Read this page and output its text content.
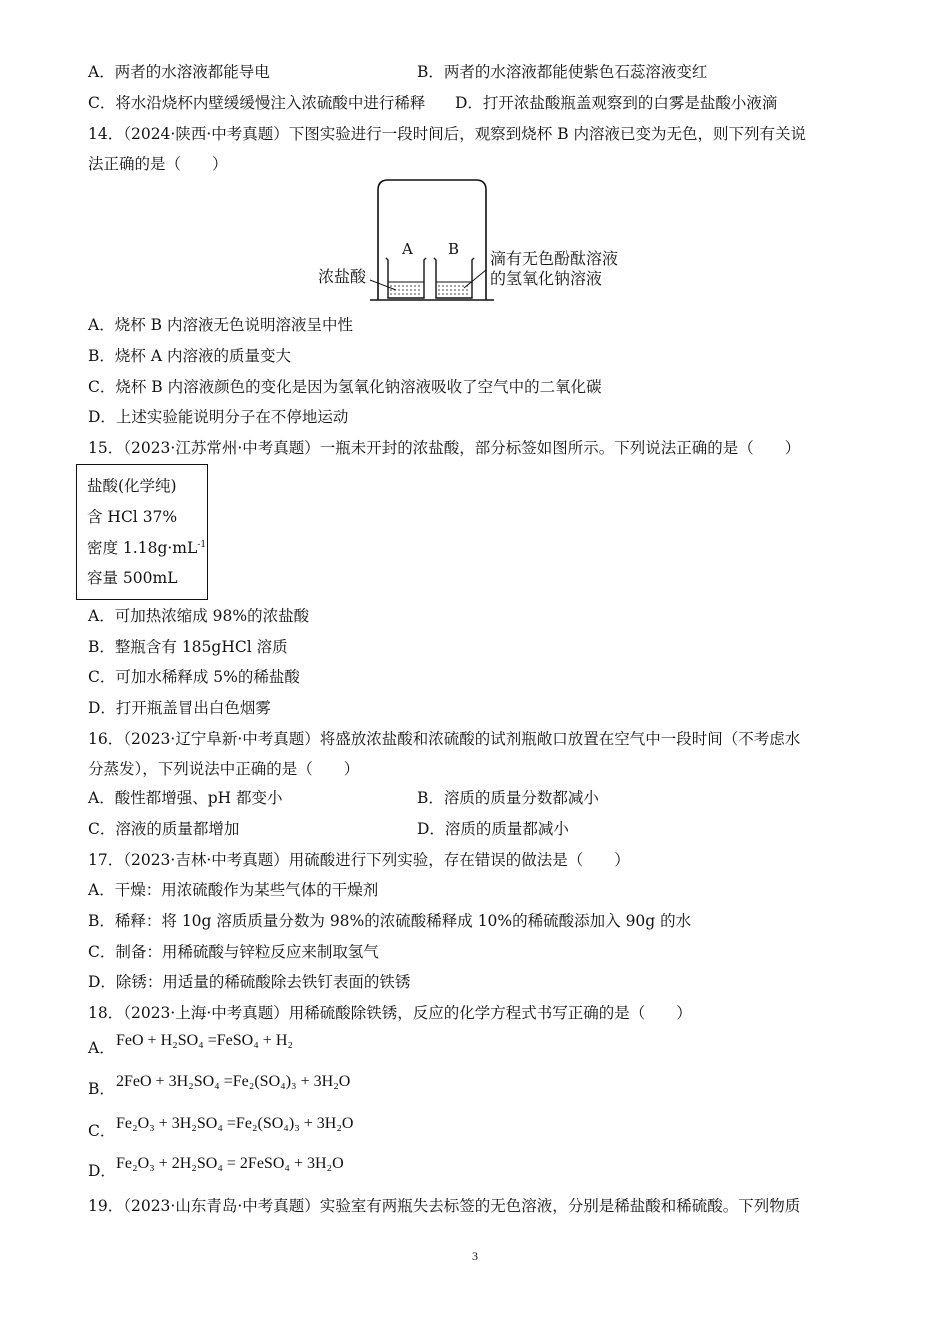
A．两者的水溶液都能导电	B．两者的水溶液都能使紫色石蕊溶液变红
C．将水沿烧杯内壁缓缓慢注入浓硫酸中进行稀释 D．打开浓盐酸瓶盖观察到的白雾是盐酸小液滴
14．（2024·陕西·中考真题）下图实验进行一段时间后，观察到烧杯 B 内溶液已变为无色，则下列有关说
法正确的是（　　）
A B
浓盐酸
滴有无色酚酞溶液
的氢氧化钠溶液
A．烧杯 B 内溶液无色说明溶液呈中性
B．烧杯 A 内溶液的质量变大
C．烧杯 B 内溶液颜色的变化是因为氢氧化钠溶液吸收了空气中的二氧化碳
D．上述实验能说明分子在不停地运动
15．（2023·江苏常州·中考真题）一瓶未开封的浓盐酸，部分标签如图所示。下列说法正确的是（　　）
盐酸(化学纯)
含 HCl 37%
密度 $1.18g\cdot mL^{-1}$
容量 500mL
A．可加热浓缩成 98%的浓盐酸
B．整瓶含有 185gHCl 溶质
C．可加水稀释成 5%的稀盐酸
D．打开瓶盖冒出白色烟雾
16．（2023·辽宁阜新·中考真题）将盛放浓盐酸和浓硫酸的试剂瓶敞口放置在空气中一段时间（不考虑水
分蒸发），下列说法中正确的是（　　）
A．酸性都增强、pH 都变小	B．溶质的质量分数都减小
C．溶液的质量都增加	D．溶质的质量都减小
17．（2023·吉林·中考真题）用硫酸进行下列实验，存在错误的做法是（　　）
A．干燥：用浓硫酸作为某些气体的干燥剂
B．稀释：将 10g 溶质质量分数为 98%的浓硫酸稀释成 10%的稀硫酸添加入 90g 的水
C．制备：用稀硫酸与锌粒反应来制取氢气
D．除锈：用适量的稀硫酸除去铁钉表面的铁锈
18．（2023·上海·中考真题）用稀硫酸除铁锈，反应的化学方程式书写正确的是（　　）
A． FeO + H₂SO₄ =FeSO₄ + H₂
B． 2FeO + 3H₂SO₄ =Fe₂(SO₄)₃ + 3H₂O
C． Fe₂O₃ + 3H₂SO₄ =Fe₂(SO₄)₃ + 3H₂O
D． Fe₂O₃ + 2H₂SO₄ = 2FeSO₄ + 3H₂O
19．（2023·山东青岛·中考真题）实验室有两瓶失去标签的无色溶液，分别是稀盐酸和稀硫酸。下列物质
3
